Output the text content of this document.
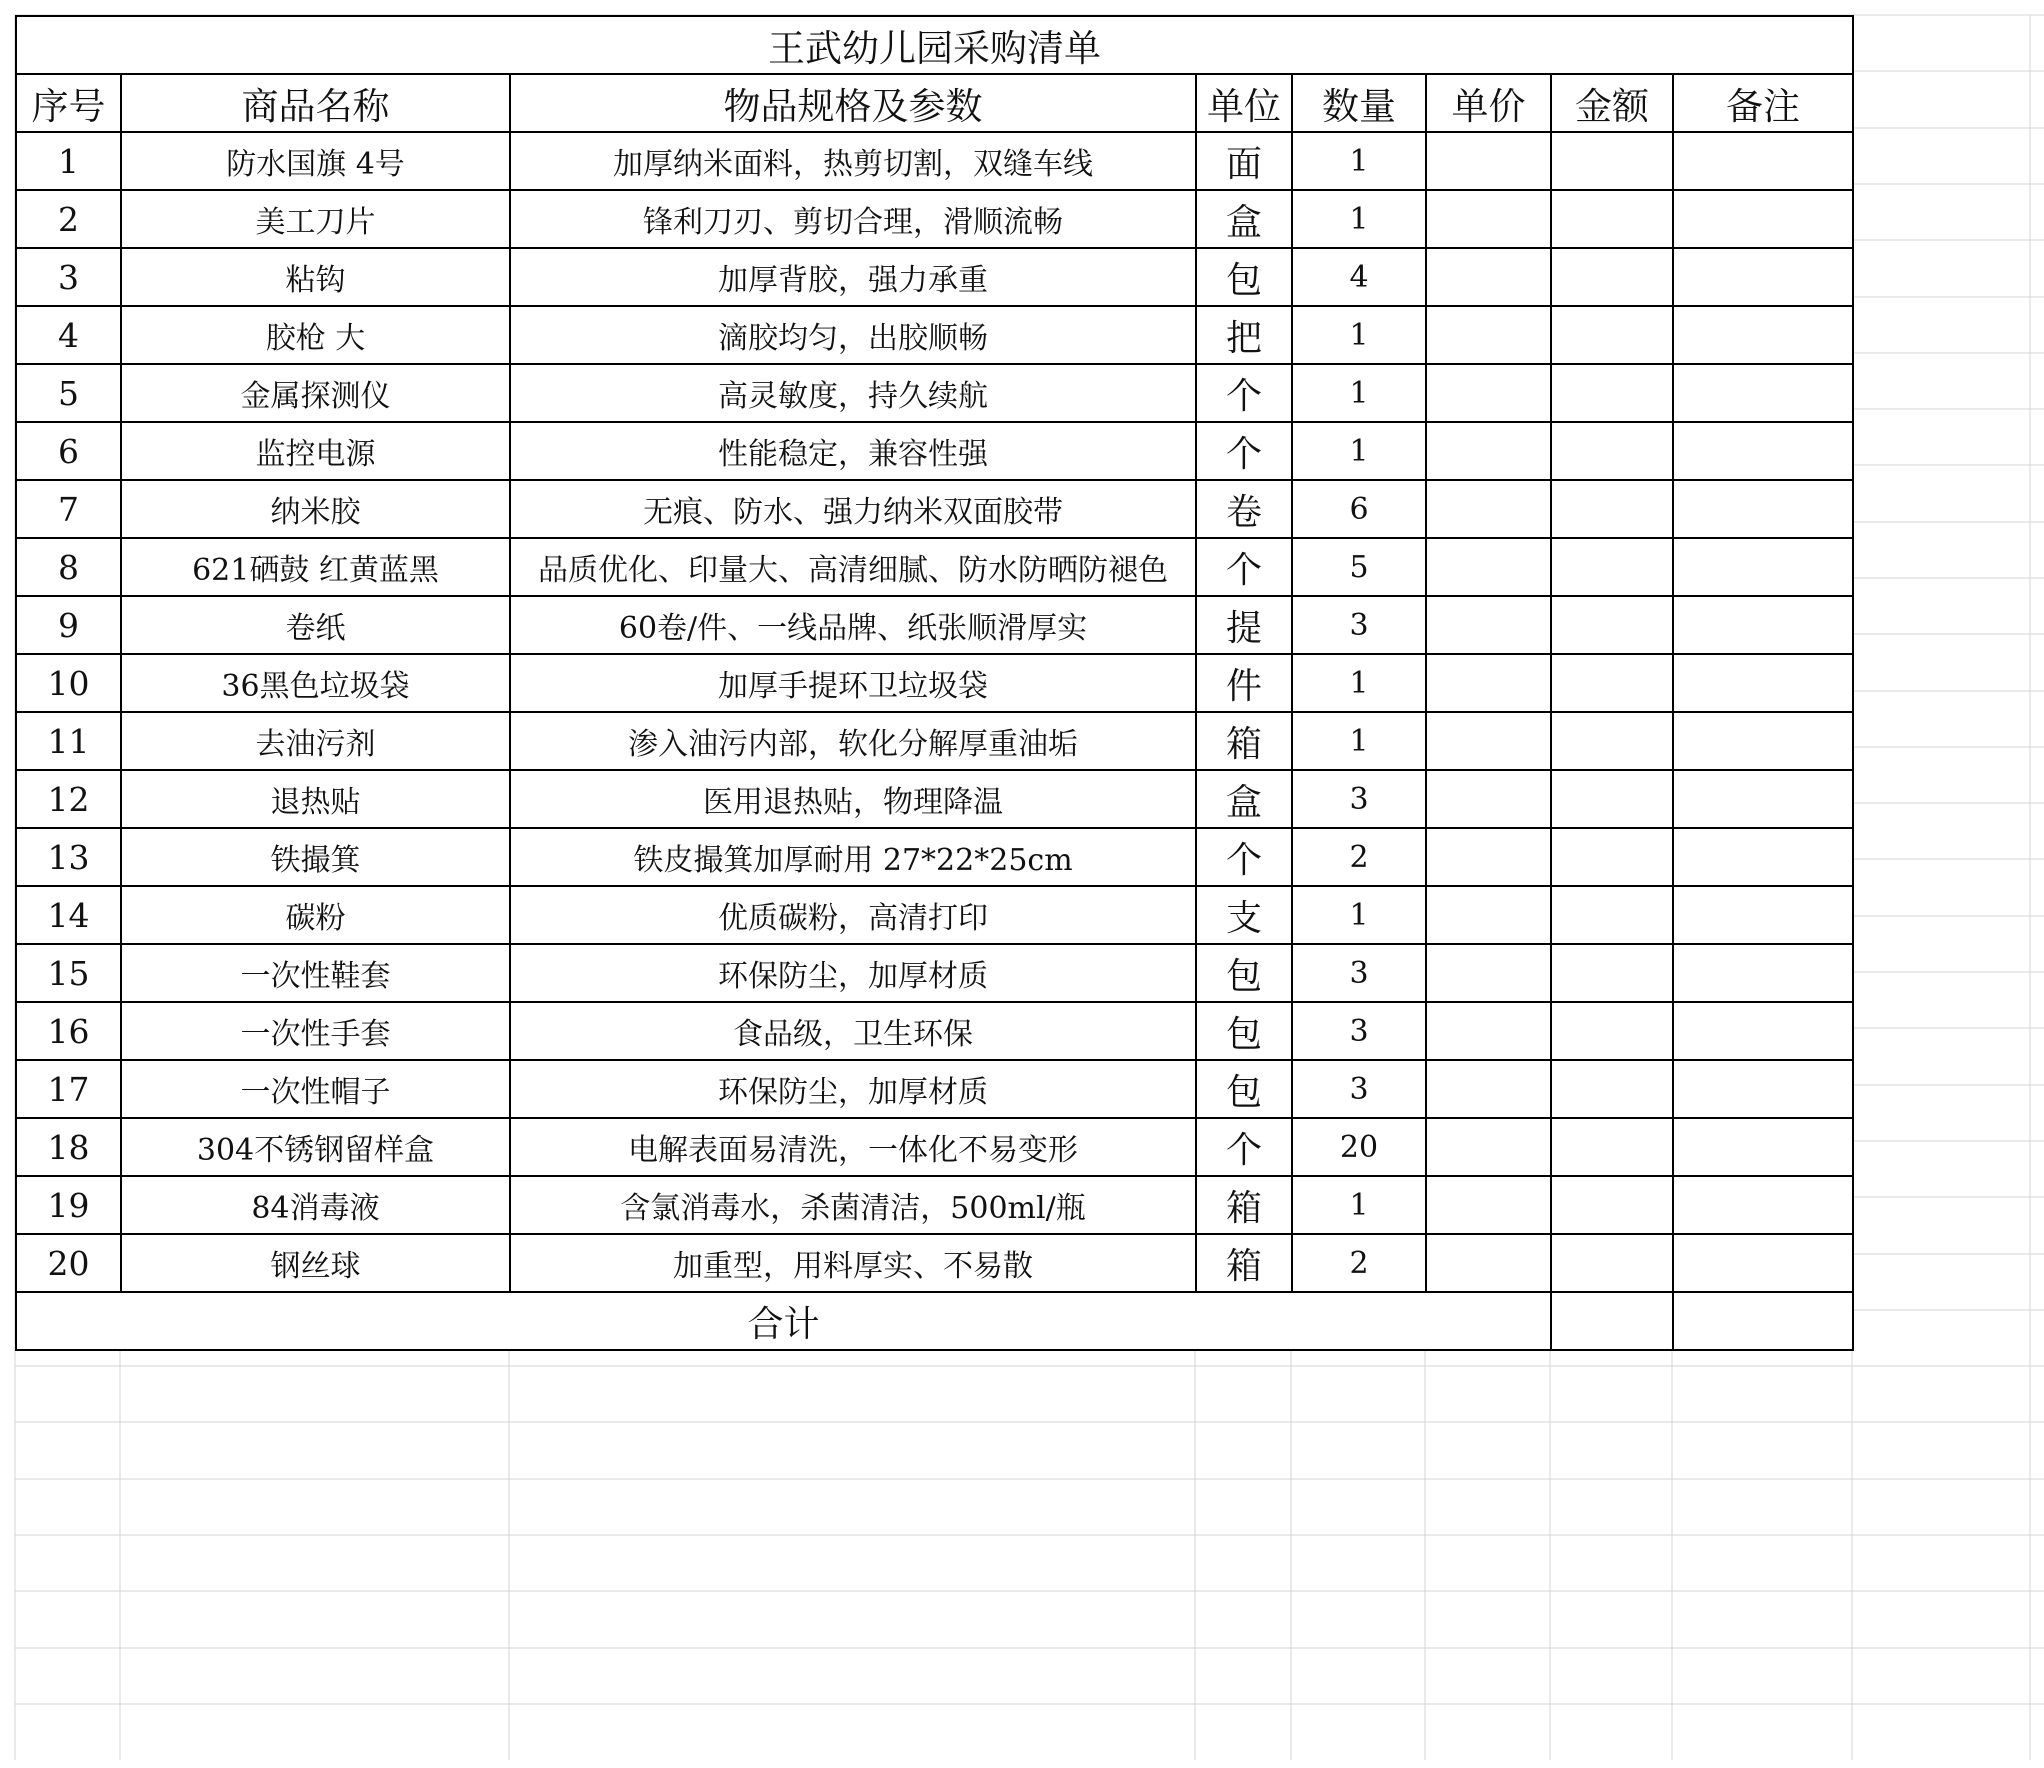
王武幼儿园采购清单							
序号	商品名称	物品规格及参数	单位	数量	单价	金额	备注
1	防水国旗 4号	加厚纳米面料，热剪切割，双缝车线	面	1			
2	美工刀片	锋利刀刃、剪切合理，滑顺流畅	盒	1			
3	粘钩	加厚背胶，强力承重	包	4			
4	胶枪 大	滴胶均匀，出胶顺畅	把	1			
5	金属探测仪	高灵敏度，持久续航	个	1			
6	监控电源	性能稳定，兼容性强	个	1			
7	纳米胶	无痕、防水、强力纳米双面胶带	卷	6			
8	621硒鼓 红黄蓝黑	品质优化、印量大、高清细腻、防水防晒防褪色	个	5			
9	卷纸	60卷/件、一线品牌、纸张顺滑厚实	提	3			
10	36黑色垃圾袋	加厚手提环卫垃圾袋	件	1			
11	去油污剂	渗入油污内部，软化分解厚重油垢	箱	1			
12	退热贴	医用退热贴，物理降温	盒	3			
13	铁撮箕	铁皮撮箕加厚耐用 27*22*25cm	个	2			
14	碳粉	优质碳粉，高清打印	支	1			
15	一次性鞋套	环保防尘，加厚材质	包	3			
16	一次性手套	食品级，卫生环保	包	3			
17	一次性帽子	环保防尘，加厚材质	包	3			
18	304不锈钢留样盒	电解表面易清洗，一体化不易变形	个	20			
19	84消毒液	含氯消毒水，杀菌清洁，500ml/瓶	箱	1			
20	钢丝球	加重型，用料厚实、不易散	箱	2			
合计							
